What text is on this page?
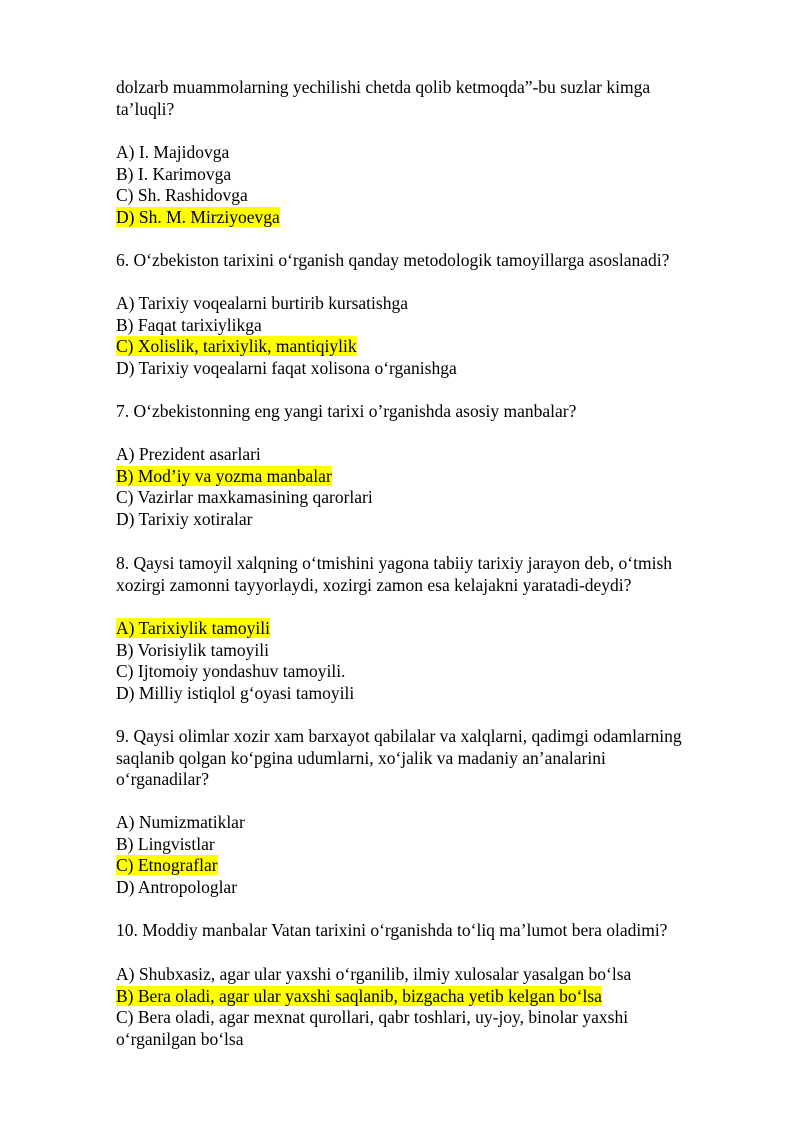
dolzarb muammolarning yechilishi chetda qolib ketmoqda”-bu suzlar kimga
ta’luqli?
A) I. Majidovga
B) I. Karimovga
C) Sh. Rashidovga
D) Sh. M. Mirziyoevga
6. O‘zbekiston tarixini o‘rganish qanday metodologik tamoyillarga asoslanadi?
A) Tarixiy voqealarni burtirib kursatishga
B) Faqat tarixiylikga
C) Xolislik, tarixiylik, mantiqiylik
D) Tarixiy voqealarni faqat xolisona o‘rganishga
7. O‘zbekistonning eng yangi tarixi o’rganishda asosiy manbalar?
A) Prezident asarlari
B) Mod’iy va yozma manbalar
C) Vazirlar maxkamasining qarorlari
D) Tarixiy xotiralar
8. Qaysi tamoyil xalqning o‘tmishini yagona tabiiy tarixiy jarayon deb, o‘tmish
xozirgi zamonni tayyorlaydi, xozirgi zamon esa kelajakni yaratadi-deydi?
A) Tarixiylik tamoyili
B) Vorisiylik tamoyili
C) Ijtomoiy yondashuv tamoyili.
D) Milliy istiqlol g‘oyasi tamoyili
9. Qaysi olimlar xozir xam barxayot qabilalar va xalqlarni, qadimgi odamlarning
saqlanib qolgan ko‘pgina udumlarni, xo‘jalik va madaniy an’analarini
o‘rganadilar?
A) Numizmatiklar
B) Lingvistlar
C) Etnograflar
D) Antropologlar
10. Moddiy manbalar Vatan tarixini o‘rganishda to‘liq ma’lumot bera oladimi?
A) Shubxasiz, agar ular yaxshi o‘rganilib, ilmiy xulosalar yasalgan bo‘lsa
B) Bera oladi, agar ular yaxshi saqlanib, bizgacha yetib kelgan bo‘lsa
C) Bera oladi, agar mexnat qurollari, qabr toshlari, uy-joy, binolar yaxshi
o‘rganilgan bo‘lsa
